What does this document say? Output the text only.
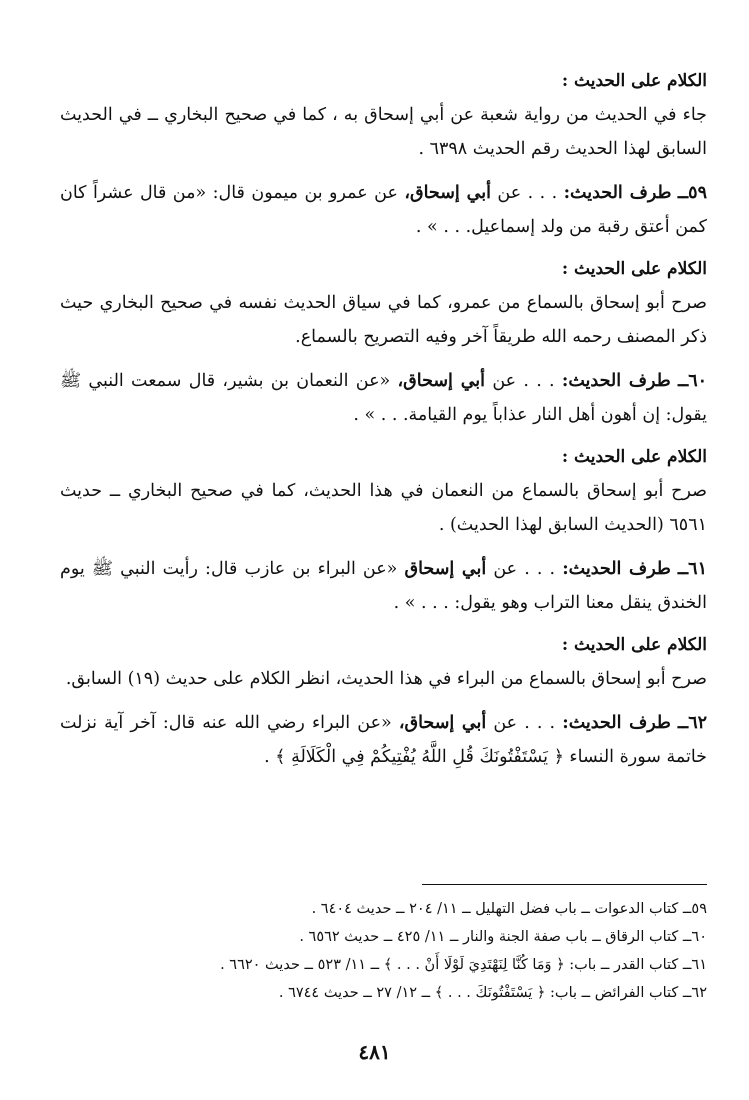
الكلام على الحديث :

جاء في الحديث من رواية شعبة عن أبي إسحاق به ، كما في صحيح البخاري ــ في الحديث السابق لهذا الحديث رقم الحديث ٦٣٩٨ .

٥٩ــ طرف الحديث: . . . عن أبي إسحاق، عن عمرو بن ميمون قال: «من قال عشراً كان كمن أعتق رقبة من ولد إسماعيل. . . » .

الكلام على الحديث :

صرح أبو إسحاق بالسماع من عمرو، كما في سياق الحديث نفسه في صحيح البخاري حيث ذكر المصنف رحمه الله طريقاً آخر وفيه التصريح بالسماع.

٦٠ــ طرف الحديث: . . . عن أبي إسحاق، «عن النعمان بن بشير، قال سمعت النبي ﷺ يقول: إن أهون أهل النار عذاباً يوم القيامة. . . » .

الكلام على الحديث :

صرح أبو إسحاق بالسماع من النعمان في هذا الحديث، كما في صحيح البخاري ــ حديث ٦٥٦١ (الحديث السابق لهذا الحديث) .

٦١ــ طرف الحديث: . . . عن أبي إسحاق «عن البراء بن عازب قال: رأيت النبي ﷺ يوم الخندق ينقل معنا التراب وهو يقول: . . . » .

الكلام على الحديث :

صرح أبو إسحاق بالسماع من البراء في هذا الحديث، انظر الكلام على حديث (١٩) السابق.

٦٢ــ طرف الحديث: . . . عن أبي إسحاق، «عن البراء رضي الله عنه قال: آخر آية نزلت خاتمة سورة النساء ﴿ يَسْتَفْتُونَكَ قُلِ اللَّهُ يُفْتِيكُمْ فِي الْكَلَالَةِ ﴾ .

٥٩ــ كتاب الدعوات ــ باب فضل التهليل ــ ١١/ ٢٠٤ ــ حديث ٦٤٠٤ .

٦٠ــ كتاب الرقاق ــ باب صفة الجنة والنار ــ ١١/ ٤٢٥ ــ حديث ٦٥٦٢ .

٦١ــ كتاب القدر ــ باب: ﴿ وَمَا كُنَّا لِنَهْتَدِيَ لَوْلَا أَنْ . . . ﴾ ــ ١١/ ٥٢٣ ــ حديث ٦٦٢٠ .

٦٢ــ كتاب الفرائض ــ باب: ﴿ يَسْتَفْتُونَكَ . . . ﴾ ــ ١٢/ ٢٧ ــ حديث ٦٧٤٤ .

٤٨١
